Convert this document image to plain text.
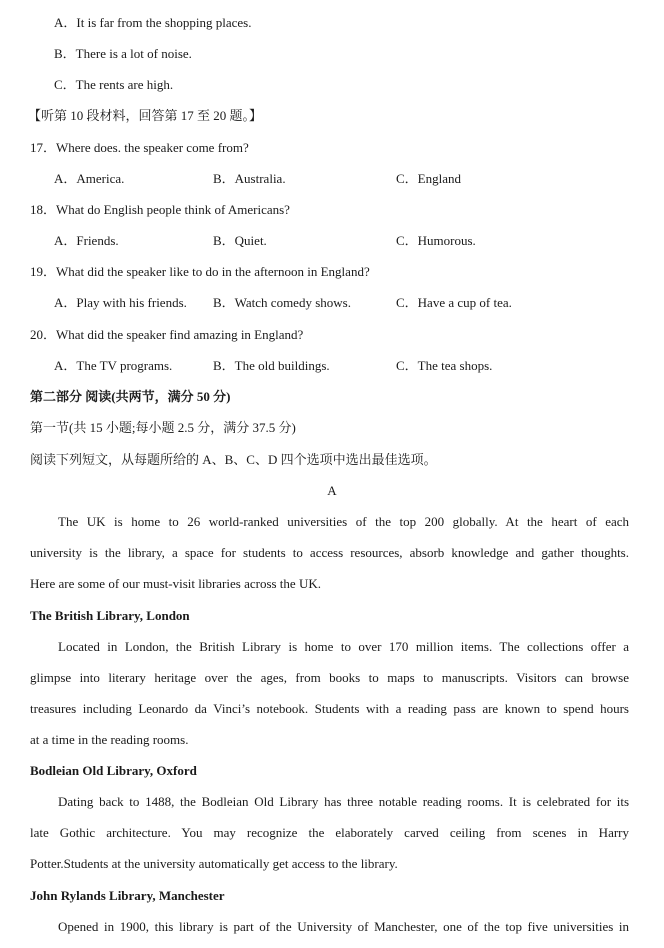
A．It is far from the shopping places.
B．There is a lot of noise.
C．The rents are high.
【听第 10 段材料，回答第 17 至 20 题。】
17．Where does. the speaker come from?
A．America.	B．Australia.	C．England
18．What do English people think of Americans?
A．Friends.	B．Quiet.	C．Humorous.
19．What did the speaker like to do in the afternoon in England?
A．Play with his friends. B．Watch comedy shows.	C．Have a cup of tea.
20．What did the speaker find amazing in England?
A．The TV programs.	B．The old buildings.	C．The tea shops.
第二部分 阅读(共两节，满分 50 分)
第一节(共 15 小题;每小题 2.5 分，满分 37.5 分)
阅读下列短文，从每题所给的 A、B、C、D 四个选项中选出最佳选项。
A
The UK is home to 26 world-ranked universities of the top 200 globally. At the heart of each
university is the library, a space for students to access resources, absorb knowledge and gather thoughts.
Here are some of our must-visit libraries across the UK.
The British Library, London
Located in London, the British Library is home to over 170 million items. The collections offer a
glimpse into literary heritage over the ages, from books to maps to manuscripts. Visitors can browse
treasures including Leonardo da Vinci’s notebook. Students with a reading pass are known to spend hours
at a time in the reading rooms.
Bodleian Old Library, Oxford
Dating back to 1488, the Bodleian Old Library has three notable reading rooms. It is celebrated for its
late Gothic architecture. You may recognize the elaborately carved ceiling from scenes in Harry
Potter.Students at the university automatically get access to the library.
John Rylands Library, Manchester
Opened in 1900, this library is part of the University of Manchester, one of the top five universities in
